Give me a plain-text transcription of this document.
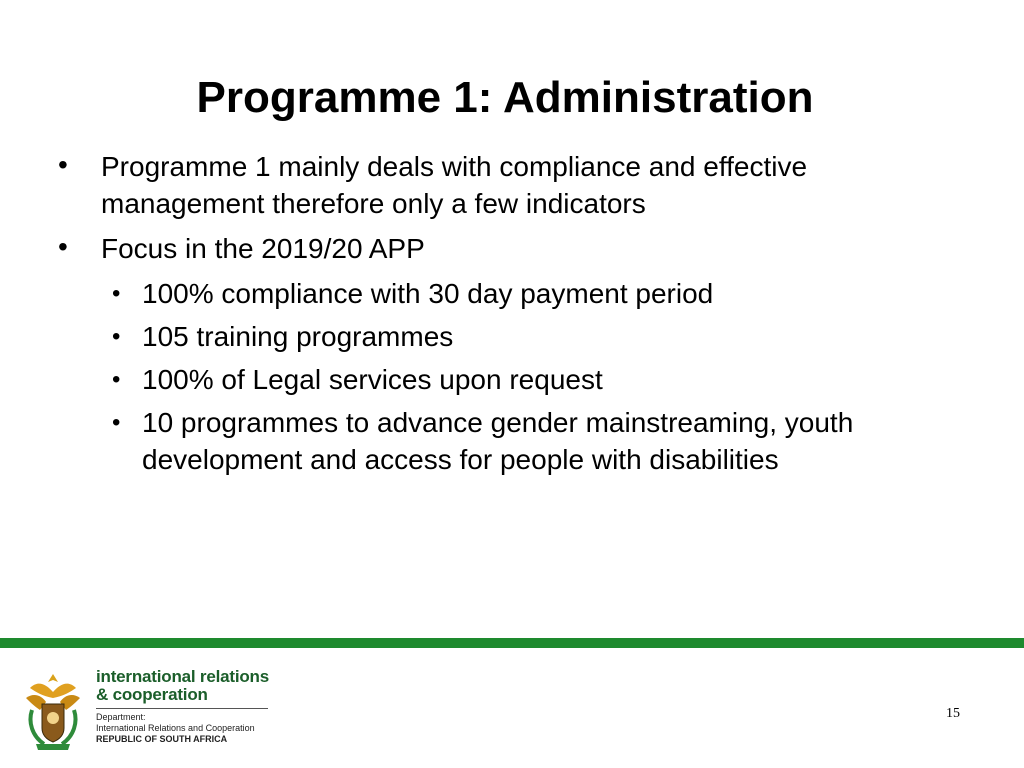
Programme 1: Administration
• Programme 1 mainly deals with compliance and effective management therefore only a few indicators
• Focus in the 2019/20 APP
• 100% compliance with 30 day payment period
• 105 training programmes
• 100% of Legal services upon request
• 10 programmes to advance gender mainstreaming, youth development and access for people with disabilities
international relations
& cooperation
Department:
International Relations and Cooperation
REPUBLIC OF SOUTH AFRICA
15
